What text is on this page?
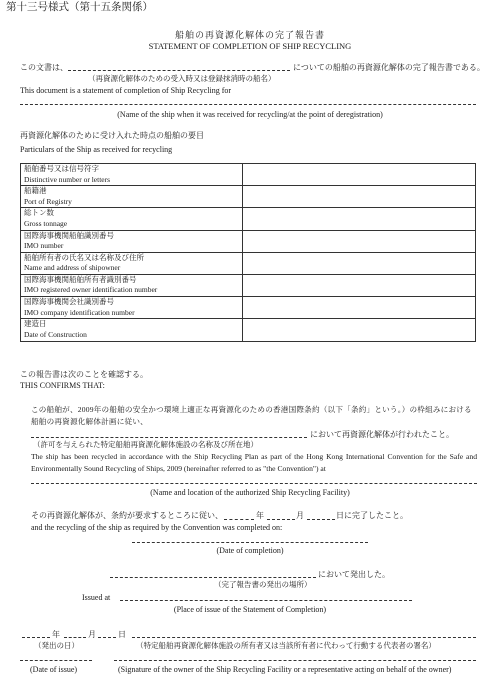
第十三号様式（第十五条関係）
船舶の再資源化解体の完了報告書
STATEMENT OF COMPLETION OF SHIP RECYCLING
この文書は、	についての船舶の再資源化解体の完了報告書である。
（再資源化解体のための受入時又は登録抹消時の船名）
This document is a statement of completion of Ship Recycling for
(Name of the ship when it was received for recycling/at the point of deregistration)
再資源化解体のために受け入れた時点の船舶の要目
Particulars of the Ship as received for recycling
船舶番号又は信号符字
Distinctive number or letters	

船籍港
Port of Registry	

総トン数
Gross tonnage	

国際海事機関船舶識別番号
IMO number	

船舶所有者の氏名又は名称及び住所
Name and address of shipowner	

国際海事機関船舶所有者識別番号
IMO registered owner identification number	

国際海事機関会社識別番号
IMO company identification number	

建造日
Date of Construction	

この報告書は次のことを確認する。
THIS CONFIRMS THAT:
この船舶が、2009年の船舶の安全かつ環境上適正な再資源化のための香港国際条約（以下「条約」という。）の枠組みにおける船舶の再資源化解体計画に従い、
において再資源化解体が行われたこと。
（許可を与えられた特定船舶再資源化解体施設の名称及び所在地）
The ship has been recycled in accordance with the Ship Recycling Plan as part of the Hong Kong International Convention for the Safe and Environmentally Sound Recycling of Ships, 2009 (hereinafter referred to as "the Convention") at
(Name and location of the authorized Ship Recycling Facility)
その再資源化解体が、条約が要求するところに従い、	年	月	日に完了したこと。
and the recycling of the ship as required by the Convention was completed on:
(Date of completion)
において発出した。
（完了報告書の発出の場所）
Issued at
(Place of issue of the Statement of Completion)
年	月	日
（発出の日）	（特定船舶再資源化解体施設の所有者又は当該所有者に代わって行動する代表者の署名）
(Date of issue)	(Signature of the owner of the Ship Recycling Facility or a representative acting on behalf of the owner)
